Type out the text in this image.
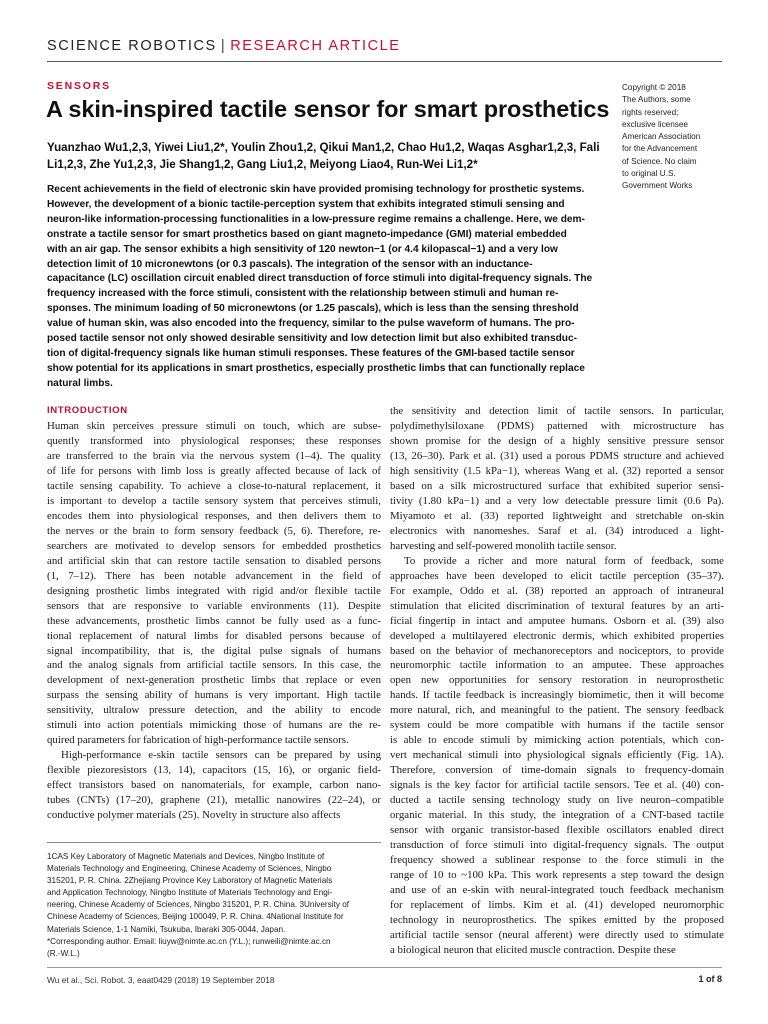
SCIENCE ROBOTICS | RESEARCH ARTICLE
SENSORS
A skin-inspired tactile sensor for smart prosthetics
Copyright © 2018
The Authors, some
rights reserved;
exclusive licensee
American Association
for the Advancement
of Science. No claim
to original U.S.
Government Works
Yuanzhao Wu1,2,3, Yiwei Liu1,2*, Youlin Zhou1,2, Qikui Man1,2, Chao Hu1,2, Waqas Asghar1,2,3, Fali Li1,2,3, Zhe Yu1,2,3, Jie Shang1,2, Gang Liu1,2, Meiyong Liao4, Run-Wei Li1,2*
Recent achievements in the field of electronic skin have provided promising technology for prosthetic systems.
However, the development of a bionic tactile-perception system that exhibits integrated stimuli sensing and
neuron-like information-processing functionalities in a low-pressure regime remains a challenge. Here, we dem-
onstrate a tactile sensor for smart prosthetics based on giant magneto-impedance (GMI) material embedded
with an air gap. The sensor exhibits a high sensitivity of 120 newton−1 (or 4.4 kilopascal−1) and a very low
detection limit of 10 micronewtons (or 0.3 pascals). The integration of the sensor with an inductance-
capacitance (LC) oscillation circuit enabled direct transduction of force stimuli into digital-frequency signals. The
frequency increased with the force stimuli, consistent with the relationship between stimuli and human re-
sponses. The minimum loading of 50 micronewtons (or 1.25 pascals), which is less than the sensing threshold
value of human skin, was also encoded into the frequency, similar to the pulse waveform of humans. The pro-
posed tactile sensor not only showed desirable sensitivity and low detection limit but also exhibited transduc-
tion of digital-frequency signals like human stimuli responses. These features of the GMI-based tactile sensor
show potential for its applications in smart prosthetics, especially prosthetic limbs that can functionally replace
natural limbs.
INTRODUCTION
Human skin perceives pressure stimuli on touch, which are subse-
quently transformed into physiological responses; these responses
are transferred to the brain via the nervous system (1–4). The quality
of life for persons with limb loss is greatly affected because of lack of
tactile sensing capability. To achieve a close-to-natural replacement, it
is important to develop a tactile sensory system that perceives stimuli,
encodes them into physiological responses, and then delivers them to
the nerves or the brain to form sensory feedback (5, 6). Therefore, re-
searchers are motivated to develop sensors for embedded prosthetics
and artificial skin that can restore tactile sensation to disabled persons
(1, 7–12). There has been notable advancement in the field of
designing prosthetic limbs integrated with rigid and/or flexible tactile
sensors that are responsive to variable environments (11). Despite
these advancements, prosthetic limbs cannot be fully used as a func-
tional replacement of natural limbs for disabled persons because of
signal incompatibility, that is, the digital pulse signals of humans
and the analog signals from artificial tactile sensors. In this case, the
development of next-generation prosthetic limbs that replace or even
surpass the sensing ability of humans is very important. High tactile
sensitivity, ultralow pressure detection, and the ability to encode
stimuli into action potentials mimicking those of humans are the re-
quired parameters for fabrication of high-performance tactile sensors.
High-performance e-skin tactile sensors can be prepared by using
flexible piezoresistors (13, 14), capacitors (15, 16), or organic field-
effect transistors based on nanomaterials, for example, carbon nano-
tubes (CNTs) (17–20), graphene (21), metallic nanowires (22–24), or
conductive polymer materials (25). Novelty in structure also affects
the sensitivity and detection limit of tactile sensors. In particular,
polydimethylsiloxane (PDMS) patterned with microstructure has
shown promise for the design of a highly sensitive pressure sensor
(13, 26–30). Park et al. (31) used a porous PDMS structure and achieved
high sensitivity (1.5 kPa−1), whereas Wang et al. (32) reported a sensor
based on a silk microstructured surface that exhibited superior sensi-
tivity (1.80 kPa−1) and a very low detectable pressure limit (0.6 Pa).
Miyamoto et al. (33) reported lightweight and stretchable on-skin
electronics with nanomeshes. Saraf et al. (34) introduced a light-
harvesting and self-powered monolith tactile sensor.
To provide a richer and more natural form of feedback, some
approaches have been developed to elicit tactile perception (35–37).
For example, Oddo et al. (38) reported an approach of intraneural
stimulation that elicited discrimination of textural features by an arti-
ficial fingertip in intact and amputee humans. Osborn et al. (39) also
developed a multilayered electronic dermis, which exhibited properties
based on the behavior of mechanoreceptors and nociceptors, to provide
neuromorphic tactile information to an amputee. These approaches
open new opportunities for sensory restoration in neuroprosthetic
hands. If tactile feedback is increasingly biomimetic, then it will become
more natural, rich, and meaningful to the patient. The sensory feedback
system could be more compatible with humans if the tactile sensor
is able to encode stimuli by mimicking action potentials, which con-
vert mechanical stimuli into physiological signals efficiently (Fig. 1A).
Therefore, conversion of time-domain signals to frequency-domain
signals is the key factor for artificial tactile sensors. Tee et al. (40) con-
ducted a tactile sensing technology study on live neuron–compatible
organic material. In this study, the integration of a CNT-based tactile
sensor with organic transistor-based flexible oscillators enabled direct
transduction of force stimuli into digital-frequency signals. The output
frequency showed a sublinear response to the force stimuli in the
range of 10 to ~100 kPa. This work represents a step toward the design
and use of an e-skin with neural-integrated touch feedback mechanism
for replacement of limbs. Kim et al. (41) developed neuromorphic
technology in neuroprosthetics. The spikes emitted by the proposed
artificial tactile sensor (neural afferent) were directly used to stimulate
a biological neuron that elicited muscle contraction. Despite these
1CAS Key Laboratory of Magnetic Materials and Devices, Ningbo Institute of
Materials Technology and Engineering, Chinese Academy of Sciences, Ningbo
315201, P. R. China. 2Zhejiang Province Key Laboratory of Magnetic Materials
and Application Technology, Ningbo Institute of Materials Technology and Engi-
neering, Chinese Academy of Sciences, Ningbo 315201, P. R. China. 3University of
Chinese Academy of Sciences, Beijing 100049, P. R. China. 4National Institute for
Materials Science, 1-1 Namiki, Tsukuba, Ibaraki 305-0044, Japan.
*Corresponding author. Email: liuyw@nimte.ac.cn (Y.L.); runweili@nimte.ac.cn
(R.-W.L.)
Wu et al., Sci. Robot. 3, eaat0429 (2018) 19 September 2018	1 of 8
